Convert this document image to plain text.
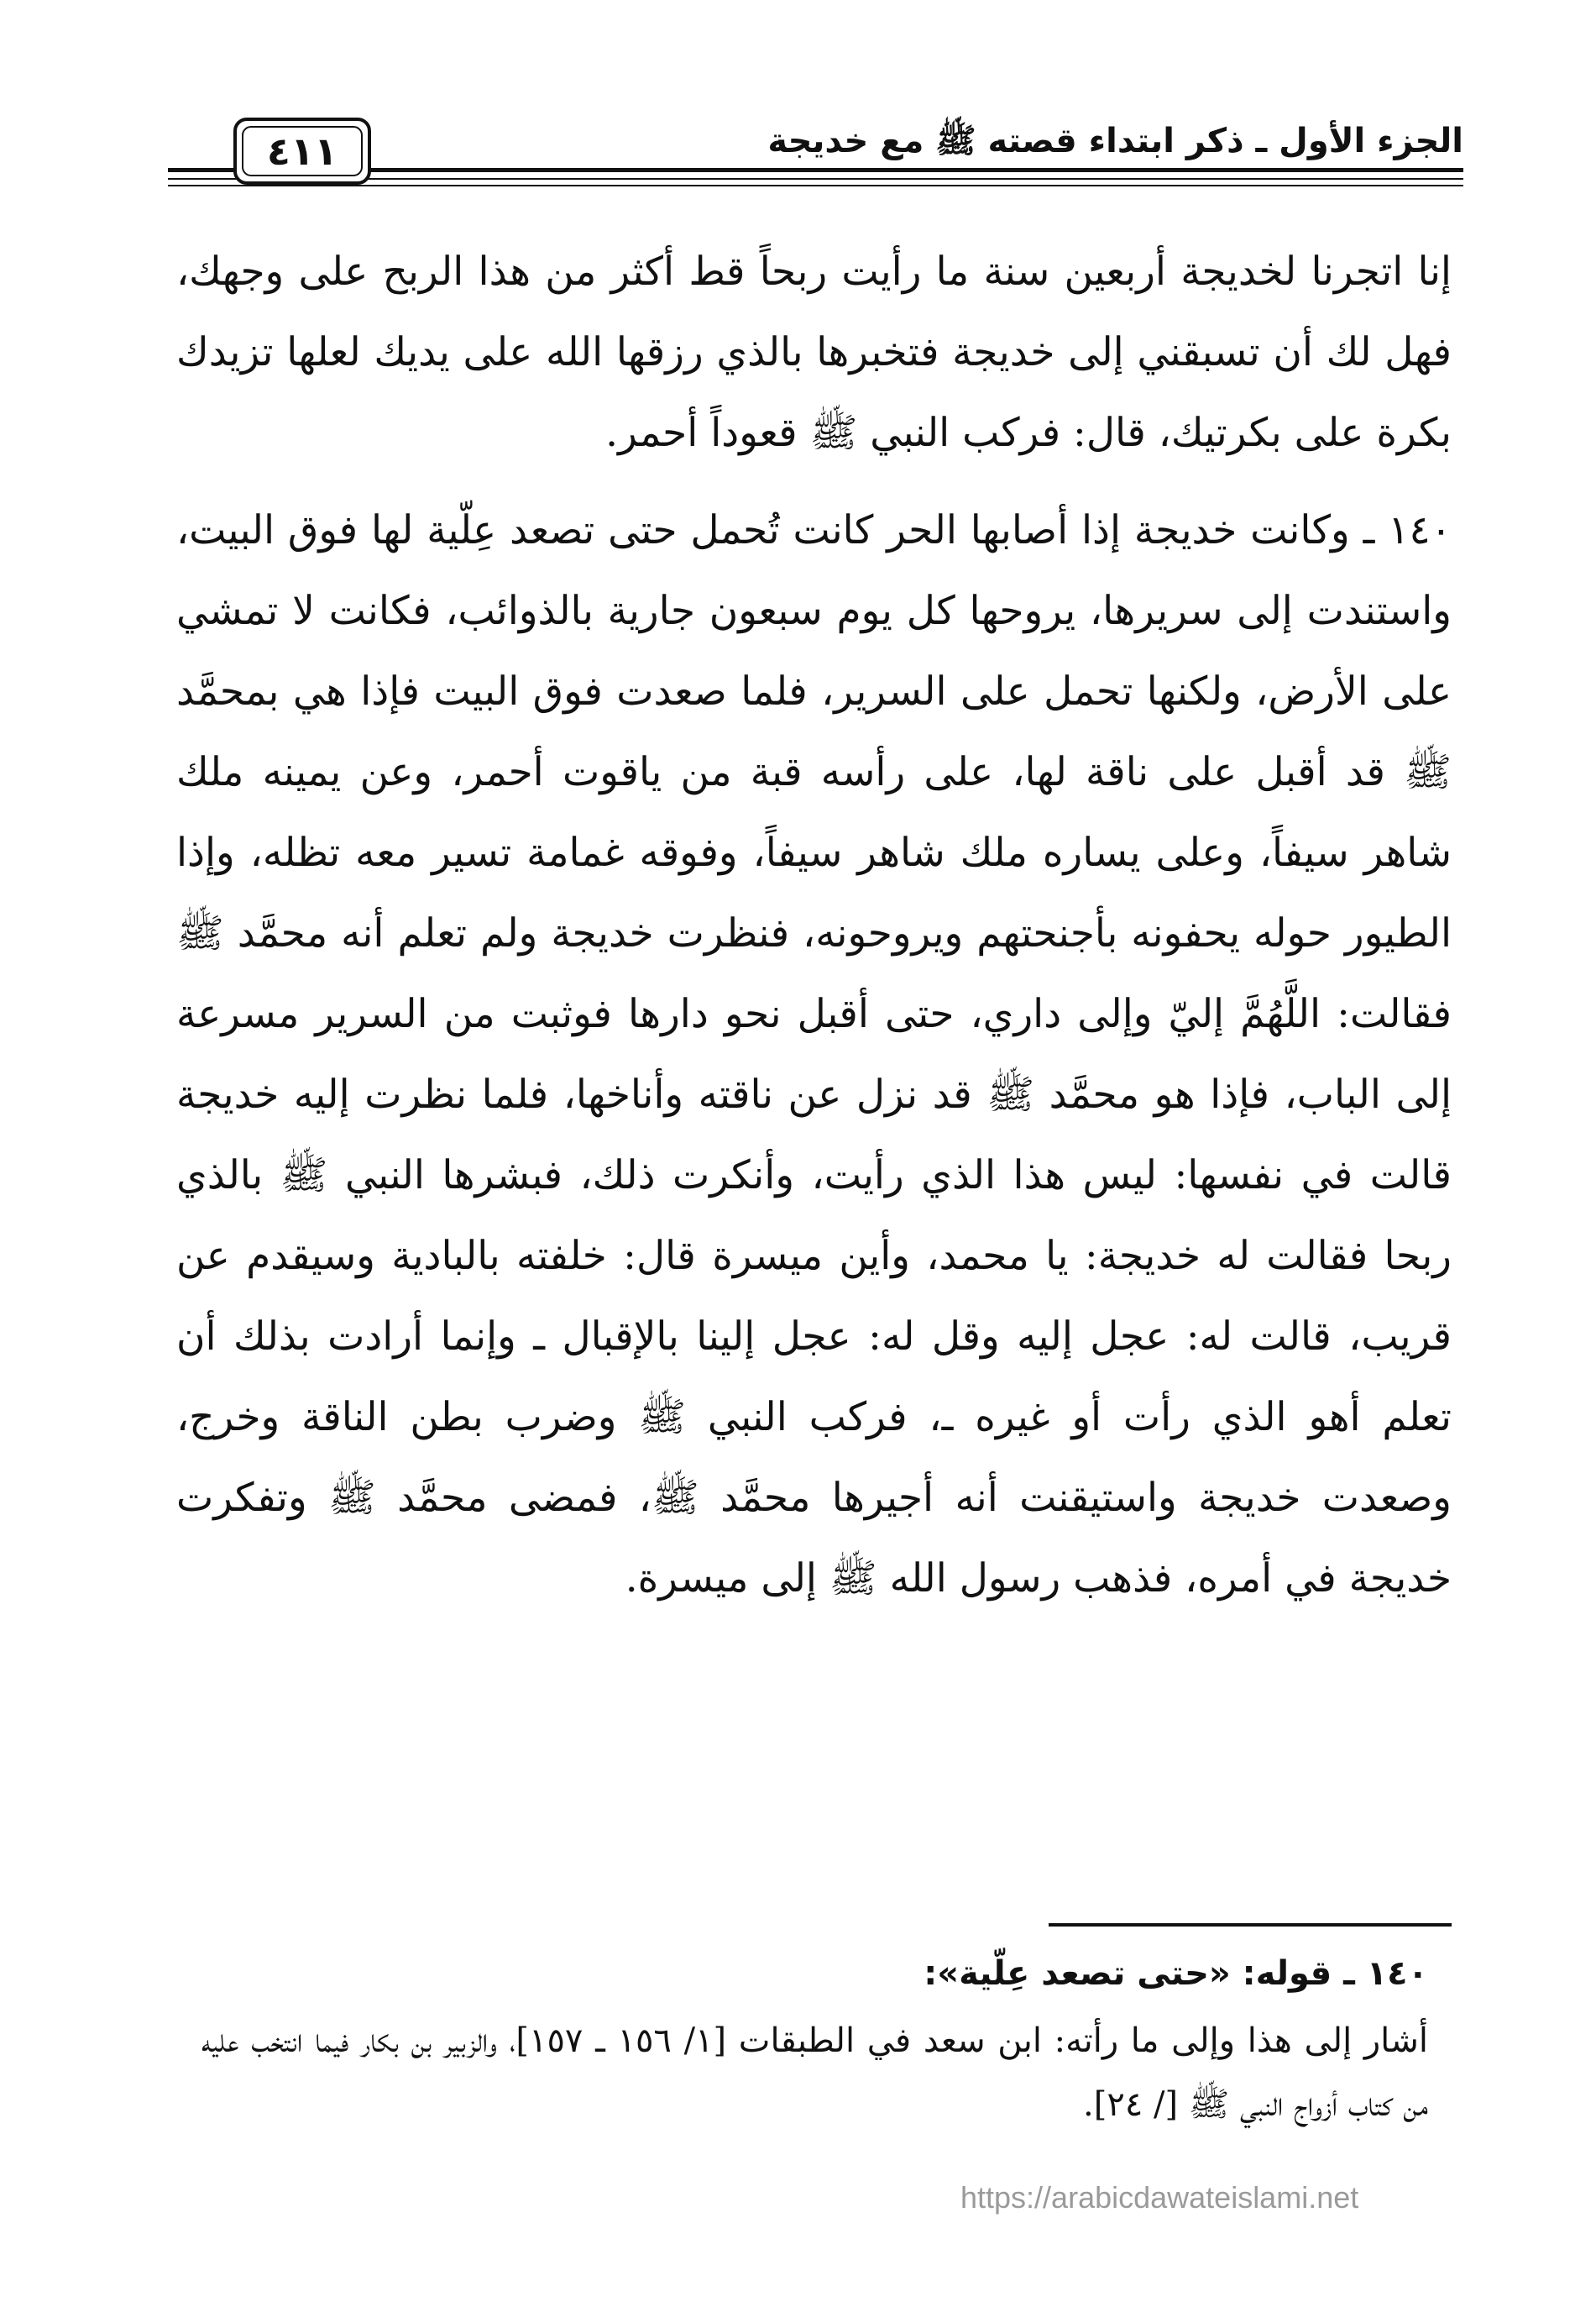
الجزء الأول ـ ذكر ابتداء قصته ﷺ مع خديجة
٤١١

إنا اتجرنا لخديجة أربعين سنة ما رأيت ربحاً قط أكثر من هذا الربح على وجهك، فهل لك أن تسبقني إلى خديجة فتخبرها بالذي رزقها الله على يديك لعلها تزيدك بكرة على بكرتيك، قال: فركب النبي ﷺ قعوداً أحمر.

١٤٠ ـ وكانت خديجة إذا أصابها الحر كانت تُحمل حتى تصعد عِلّية لها فوق البيت، واستندت إلى سريرها، يروحها كل يوم سبعون جارية بالذوائب، فكانت لا تمشي على الأرض، ولكنها تحمل على السرير، فلما صعدت فوق البيت فإذا هي بمحمَّد ﷺ قد أقبل على ناقة لها، على رأسه قبة من ياقوت أحمر، وعن يمينه ملك شاهر سيفاً، وعلى يساره ملك شاهر سيفاً، وفوقه غمامة تسير معه تظله، وإذا الطيور حوله يحفونه بأجنحتهم ويروحونه، فنظرت خديجة ولم تعلم أنه محمَّد ﷺ فقالت: اللَّهُمَّ إليّ وإلى داري، حتى أقبل نحو دارها فوثبت من السرير مسرعة إلى الباب، فإذا هو محمَّد ﷺ قد نزل عن ناقته وأناخها، فلما نظرت إليه خديجة قالت في نفسها: ليس هذا الذي رأيت، وأنكرت ذلك، فبشرها النبي ﷺ بالذي ربحا فقالت له خديجة: يا محمد، وأين ميسرة قال: خلفته بالبادية وسيقدم عن قريب، قالت له: عجل إليه وقل له: عجل إلينا بالإقبال ـ وإنما أرادت بذلك أن تعلم أهو الذي رأت أو غيره ـ، فركب النبي ﷺ وضرب بطن الناقة وخرج، وصعدت خديجة واستيقنت أنه أجيرها محمَّد ﷺ، فمضى محمَّد ﷺ وتفكرت خديجة في أمره، فذهب رسول الله ﷺ إلى ميسرة.

١٤٠ ـ قوله: «حتى تصعد عِلّية»:

أشار إلى هذا وإلى ما رأته: ابن سعد في الطبقات [١/ ١٥٦ ـ ١٥٧]، والزبير بن بكار فيما انتخب عليه من كتاب أزواج النبي ﷺ [/ ٢٤].

https://arabicdawateislami.net
